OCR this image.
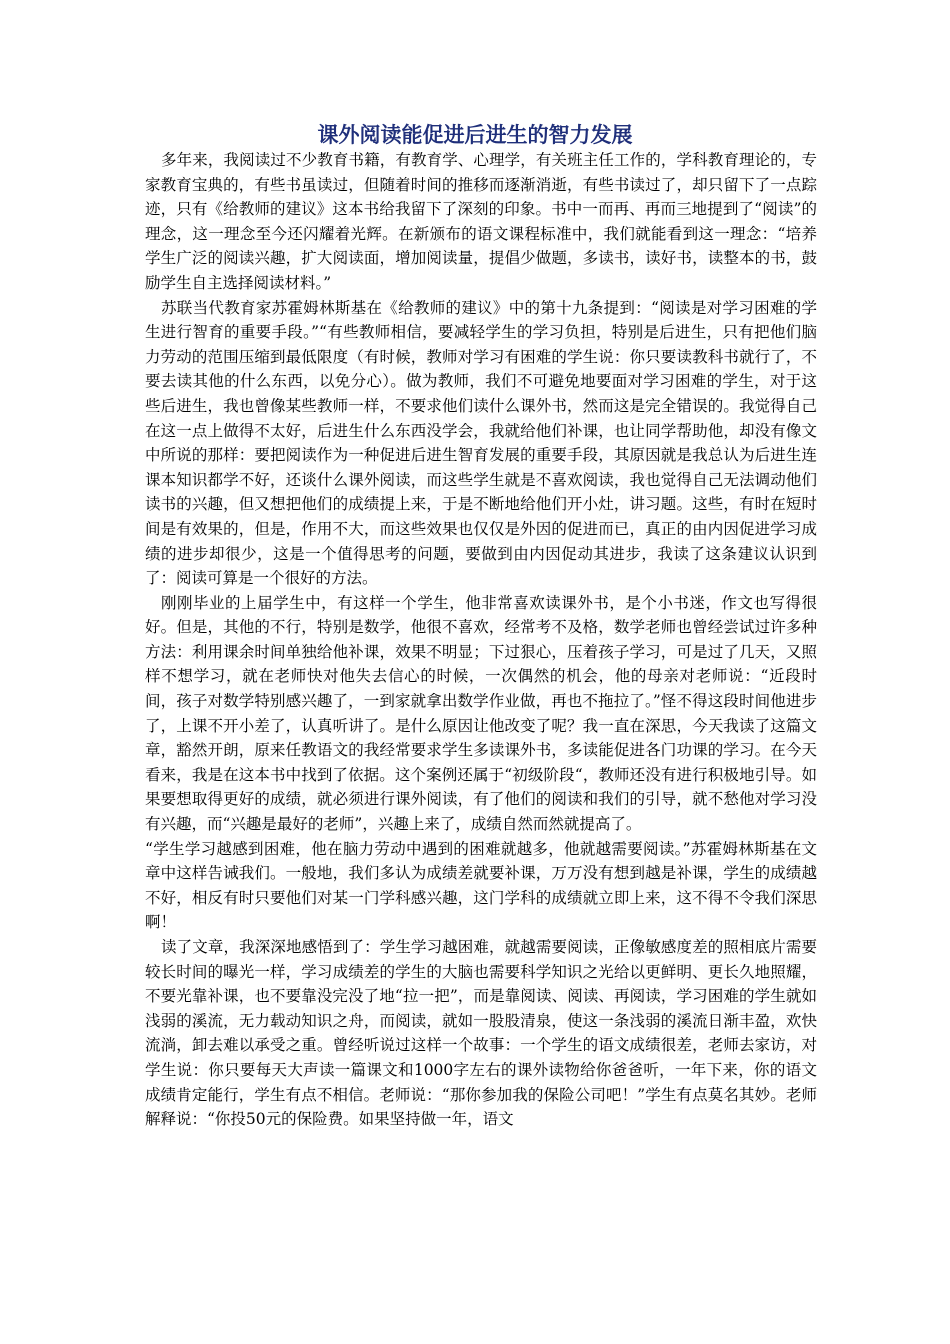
课外阅读能促进后进生的智力发展

多年来，我阅读过不少教育书籍，有教育学、心理学，有关班主任工作的，学科教育理论的，专家教育宝典的，有些书虽读过，但随着时间的推移而逐渐消逝，有些书读过了，却只留下了一点踪迹，只有《给教师的建议》这本书给我留下了深刻的印象。书中一而再、再而三地提到了“阅读”的理念，这一理念至今还闪耀着光辉。在新颁布的语文课程标准中，我们就能看到这一理念：“培养学生广泛的阅读兴趣，扩大阅读面，增加阅读量，提倡少做题，多读书，读好书，读整本的书，鼓励学生自主选择阅读材料。”

苏联当代教育家苏霍姆林斯基在《给教师的建议》中的第十九条提到：“阅读是对学习困难的学生进行智育的重要手段。”“有些教师相信，要减轻学生的学习负担，特别是后进生，只有把他们脑力劳动的范围压缩到最低限度（有时候，教师对学习有困难的学生说：你只要读教科书就行了，不要去读其他的什么东西，以免分心）。做为教师，我们不可避免地要面对学习困难的学生，对于这些后进生，我也曾像某些教师一样，不要求他们读什么课外书，然而这是完全错误的。我觉得自己在这一点上做得不太好，后进生什么东西没学会，我就给他们补课，也让同学帮助他，却没有像文中所说的那样：要把阅读作为一种促进后进生智育发展的重要手段，其原因就是我总认为后进生连课本知识都学不好，还谈什么课外阅读，而这些学生就是不喜欢阅读，我也觉得自己无法调动他们读书的兴趣，但又想把他们的成绩提上来，于是不断地给他们开小灶，讲习题。这些，有时在短时间是有效果的，但是，作用不大，而这些效果也仅仅是外因的促进而已，真正的由内因促进学习成绩的进步却很少，这是一个值得思考的问题，要做到由内因促动其进步，我读了这条建议认识到了：阅读可算是一个很好的方法。

刚刚毕业的上届学生中，有这样一个学生，他非常喜欢读课外书，是个小书迷，作文也写得很好。但是，其他的不行，特别是数学，他很不喜欢，经常考不及格，数学老师也曾经尝试过许多种方法：利用课余时间单独给他补课，效果不明显；下过狠心，压着孩子学习，可是过了几天，又照样不想学习，就在老师快对他失去信心的时候，一次偶然的机会，他的母亲对老师说：“近段时间，孩子对数学特别感兴趣了，一到家就拿出数学作业做，再也不拖拉了。”怪不得这段时间他进步了，上课不开小差了，认真听讲了。是什么原因让他改变了呢？我一直在深思，今天我读了这篇文章，豁然开朗，原来任教语文的我经常要求学生多读课外书，多读能促进各门功课的学习。在今天看来，我是在这本书中找到了依据。这个案例还属于“初级阶段“，教师还没有进行积极地引导。如果要想取得更好的成绩，就必须进行课外阅读，有了他们的阅读和我们的引导，就不愁他对学习没有兴趣，而“兴趣是最好的老师”，兴趣上来了，成绩自然而然就提高了。

“学生学习越感到困难，他在脑力劳动中遇到的困难就越多，他就越需要阅读。”苏霍姆林斯基在文章中这样告诫我们。一般地，我们多认为成绩差就要补课，万万没有想到越是补课，学生的成绩越不好，相反有时只要他们对某一门学科感兴趣，这门学科的成绩就立即上来，这不得不令我们深思啊！

读了文章，我深深地感悟到了：学生学习越困难，就越需要阅读，正像敏感度差的照相底片需要较长时间的曝光一样，学习成绩差的学生的大脑也需要科学知识之光给以更鲜明、更长久地照耀，不要光靠补课，也不要靠没完没了地“拉一把”，而是靠阅读、阅读、再阅读，学习困难的学生就如浅弱的溪流，无力载动知识之舟，而阅读，就如一股股清泉，使这一条浅弱的溪流日渐丰盈，欢快流淌，卸去难以承受之重。曾经听说过这样一个故事：一个学生的语文成绩很差，老师去家访，对学生说：你只要每天大声读一篇课文和1000字左右的课外读物给你爸爸听，一年下来，你的语文成绩肯定能行，学生有点不相信。老师说：“那你参加我的保险公司吧！”学生有点莫名其妙。老师解释说：“你投50元的保险费。如果坚持做一年，语文
